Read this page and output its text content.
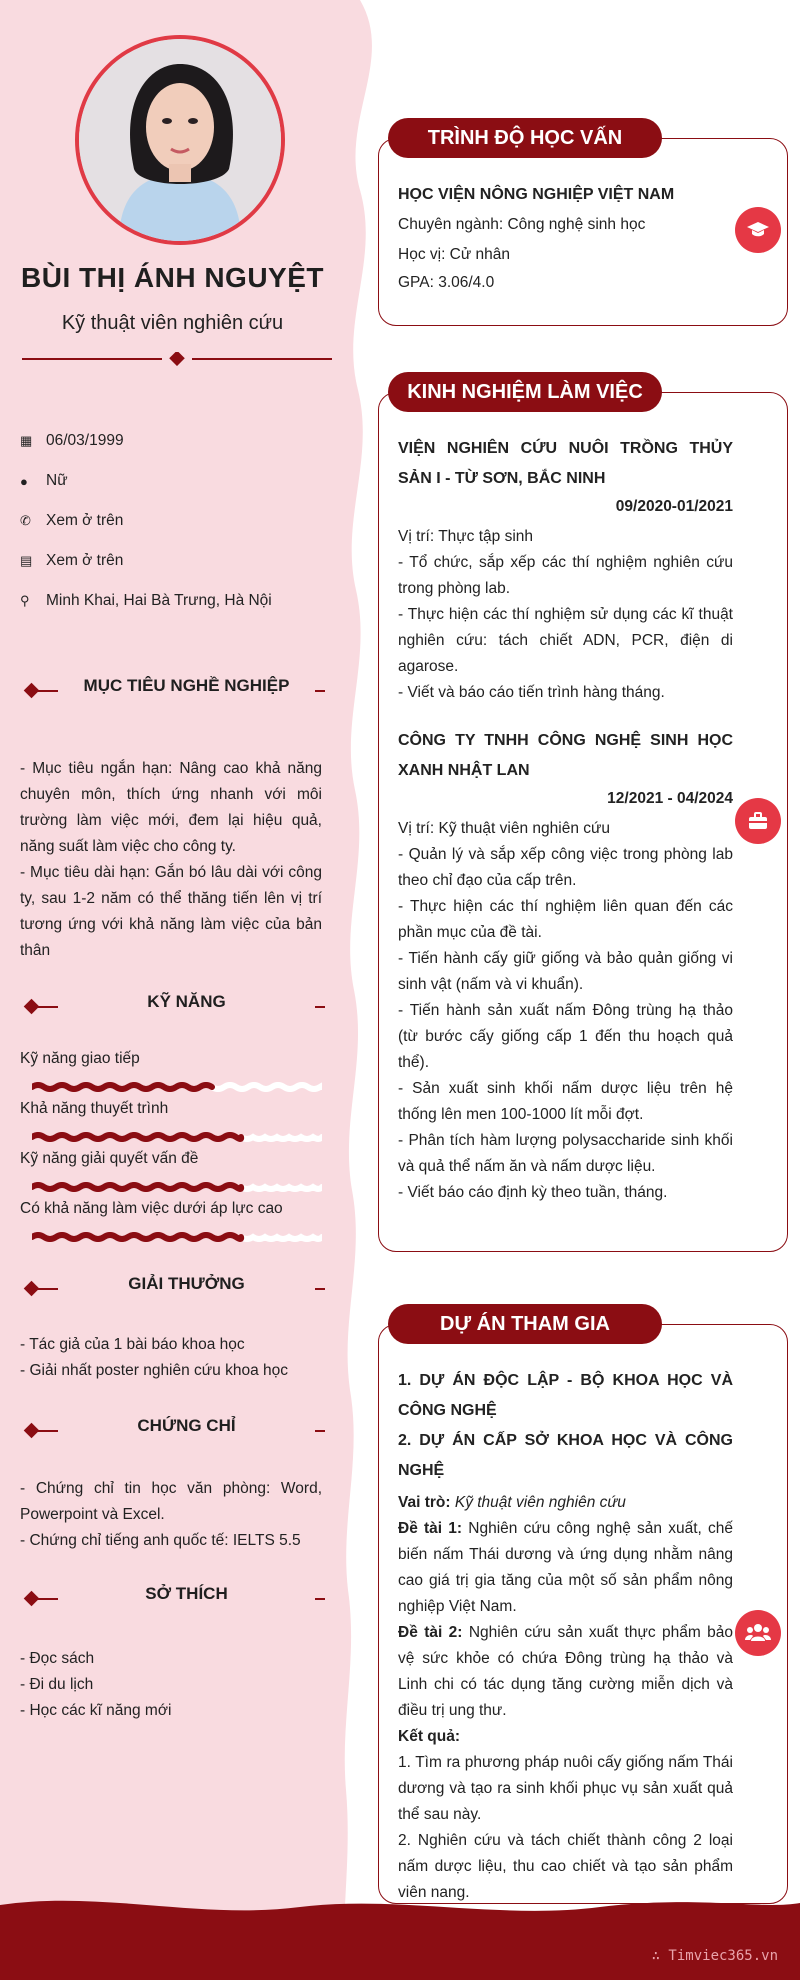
BÙI THỊ ÁNH NGUYỆT
Kỹ thuật viên nghiên cứu
▦ 06/03/1999
●	Nữ
✆ Xem ở trên
▤ Xem ở trên
⚲	Minh Khai, Hai Bà Trưng, Hà Nội
MỤC TIÊU NGHỀ NGHIỆP

- Mục tiêu ngắn hạn: Nâng cao khả năng chuyên môn, thích ứng nhanh với môi trường làm việc mới, đem lại hiệu quả, năng suất làm việc cho công ty.

- Mục tiêu dài hạn: Gắn bó lâu dài với công ty, sau 1-2 năm có thể thăng tiến lên vị trí tương ứng với khả năng làm việc của bản thân

KỸ NĂNG
Kỹ năng giao tiếp
Khả năng thuyết trình
Kỹ năng giải quyết vấn đề
Có khả năng làm việc dưới áp lực cao
GIẢI THƯỞNG

- Tác giả của 1 bài báo khoa học

- Giải nhất poster nghiên cứu khoa học

CHỨNG CHỈ

- Chứng chỉ tin học văn phòng: Word, Powerpoint và Excel.

- Chứng chỉ tiếng anh quốc tế: IELTS 5.5

SỞ THÍCH

- Đọc sách

- Đi du lịch

- Học các kĩ năng mới

TRÌNH ĐỘ HỌC VẤN

HỌC VIỆN NÔNG NGHIỆP VIỆT NAM

Chuyên ngành: Công nghệ sinh học

Học vị: Cử nhân

GPA: 3.06/4.0

KINH NGHIỆM LÀM VIỆC

VIỆN NGHIÊN CỨU NUÔI TRỒNG THỦY SẢN I - TỪ SƠN, BẮC NINH

09/2020-01/2021

Vị trí: Thực tập sinh

- Tổ chức, sắp xếp các thí nghiệm nghiên cứu trong phòng lab.

- Thực hiện các thí nghiệm sử dụng các kĩ thuật nghiên cứu: tách chiết ADN, PCR, điện di agarose.

- Viết và báo cáo tiến trình hàng tháng.

CÔNG TY TNHH CÔNG NGHỆ SINH HỌC XANH NHẬT LAN

12/2021 - 04/2024

Vị trí: Kỹ thuật viên nghiên cứu

- Quản lý và sắp xếp công việc trong phòng lab theo chỉ đạo của cấp trên.

- Thực hiện các thí nghiệm liên quan đến các phần mục của đề tài.

- Tiến hành cấy giữ giống và bảo quản giống vi sinh vật (nấm và vi khuẩn).

- Tiến hành sản xuất nấm Đông trùng hạ thảo (từ bước cấy giống cấp 1 đến thu hoạch quả thể).

- Sản xuất sinh khối nấm dược liệu trên hệ thống lên men 100-1000 lít mỗi đợt.

- Phân tích hàm lượng polysaccharide sinh khối và quả thể nấm ăn và nấm dược liệu.

- Viết báo cáo định kỳ theo tuần, tháng.

DỰ ÁN THAM GIA

1. DỰ ÁN ĐỘC LẬP - BỘ KHOA HỌC VÀ CÔNG NGHỆ

2. DỰ ÁN CẤP SỞ KHOA HỌC VÀ CÔNG NGHỆ

Vai trò: Kỹ thuật viên nghiên cứu

Đề tài 1: Nghiên cứu công nghệ sản xuất, chế biến nấm Thái dương và ứng dụng nhằm nâng cao giá trị gia tăng của một số sản phẩm nông nghiệp Việt Nam.

Đề tài 2: Nghiên cứu sản xuất thực phẩm bảo vệ sức khỏe có chứa Đông trùng hạ thảo và Linh chi có tác dụng tăng cường miễn dịch và điều trị ung thư.

Kết quả:

1. Tìm ra phương pháp nuôi cấy giống nấm Thái dương và tạo ra sinh khối phục vụ sản xuất quả thể sau này.

2. Nghiên cứu và tách chiết thành công 2 loại nấm dược liệu, thu cao chiết và tạo sản phẩm viên nang.

∴ Timviec365.vn
